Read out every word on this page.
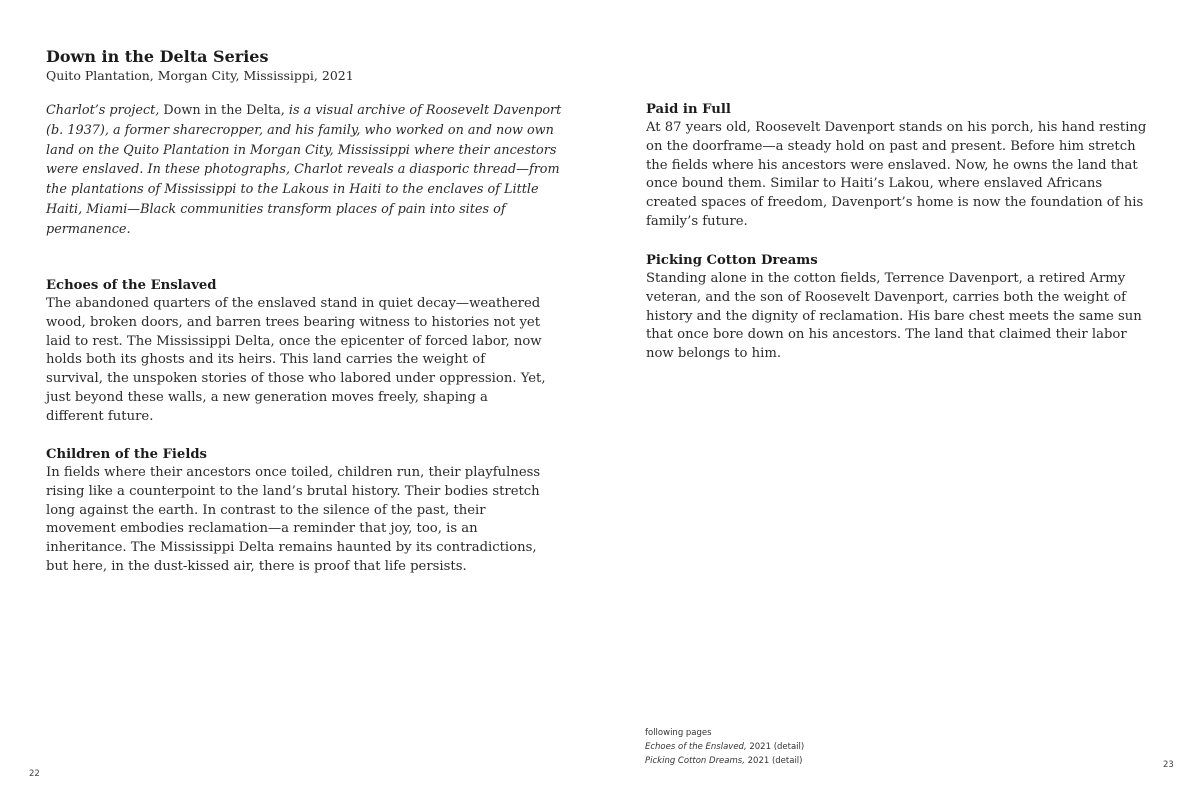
Down in the Delta Series
Quito Plantation, Morgan City, Mississippi, 2021

Charlot’s project, Down in the Delta, is a visual archive of Roosevelt Davenport (b. 1937), a former sharecropper, and his family, who worked on and now own land on the Quito Plantation in Morgan City, Mississippi where their ancestors were enslaved. In these photographs, Charlot reveals a diasporic thread—from the plantations of Mississippi to the Lakous in Haiti to the enclaves of Little Haiti, Miami—Black communities transform places of pain into sites of permanence.

Echoes of the Enslaved

The abandoned quarters of the enslaved stand in quiet decay—weathered wood, broken doors, and barren trees bearing witness to histories not yet laid to rest. The Mississippi Delta, once the epicenter of forced labor, now holds both its ghosts and its heirs. This land carries the weight of survival, the unspoken stories of those who labored under oppression. Yet, just beyond these walls, a new generation moves freely, shaping a different future.

Children of the Fields

In fields where their ancestors once toiled, children run, their playfulness rising like a counterpoint to the land’s brutal history. Their bodies stretch long against the earth. In contrast to the silence of the past, their movement embodies reclamation—a reminder that joy, too, is an inheritance. The Mississippi Delta remains haunted by its contradictions, but here, in the dust-kissed air, there is proof that life persists.

22
Paid in Full

At 87 years old, Roosevelt Davenport stands on his porch, his hand resting on the doorframe—a steady hold on past and present. Before him stretch the fields where his ancestors were enslaved. Now, he owns the land that once bound them. Similar to Haiti’s Lakou, where enslaved Africans created spaces of freedom, Davenport’s home is now the foundation of his family’s future.

Picking Cotton Dreams

Standing alone in the cotton fields, Terrence Davenport, a retired Army veteran, and the son of Roosevelt Davenport, carries both the weight of history and the dignity of reclamation. His bare chest meets the same sun that once bore down on his ancestors. The land that claimed their labor now belongs to him.

following pages
Echoes of the Enslaved, 2021 (detail)
Picking Cotton Dreams, 2021 (detail)	23
